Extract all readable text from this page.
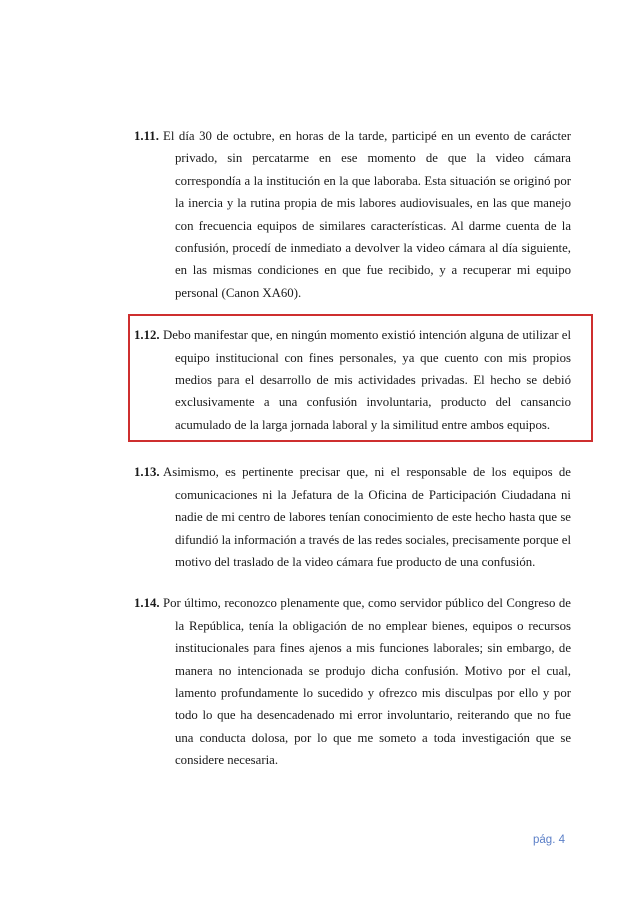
1.11. El día 30 de octubre, en horas de la tarde, participé en un evento de carácter privado, sin percatarme en ese momento de que la video cámara correspondía a la institución en la que laboraba. Esta situación se originó por la inercia y la rutina propia de mis labores audiovisuales, en las que manejo con frecuencia equipos de similares características. Al darme cuenta de la confusión, procedí de inmediato a devolver la video cámara al día siguiente, en las mismas condiciones en que fue recibido, y a recuperar mi equipo personal (Canon XA60).

1.12. Debo manifestar que, en ningún momento existió intención alguna de utilizar el equipo institucional con fines personales, ya que cuento con mis propios medios para el desarrollo de mis actividades privadas. El hecho se debió exclusivamente a una confusión involuntaria, producto del cansancio acumulado de la larga jornada laboral y la similitud entre ambos equipos.

1.13. Asimismo, es pertinente precisar que, ni el responsable de los equipos de comunicaciones ni la Jefatura de la Oficina de Participación Ciudadana ni nadie de mi centro de labores tenían conocimiento de este hecho hasta que se difundió la información a través de las redes sociales, precisamente porque el motivo del traslado de la video cámara fue producto de una confusión.

1.14. Por último, reconozco plenamente que, como servidor público del Congreso de la República, tenía la obligación de no emplear bienes, equipos o recursos institucionales para fines ajenos a mis funciones laborales; sin embargo, de manera no intencionada se produjo dicha confusión. Motivo por el cual, lamento profundamente lo sucedido y ofrezco mis disculpas por ello y por todo lo que ha desencadenado mi error involuntario, reiterando que no fue una conducta dolosa, por lo que me someto a toda investigación que se considere necesaria.

pág. 4
